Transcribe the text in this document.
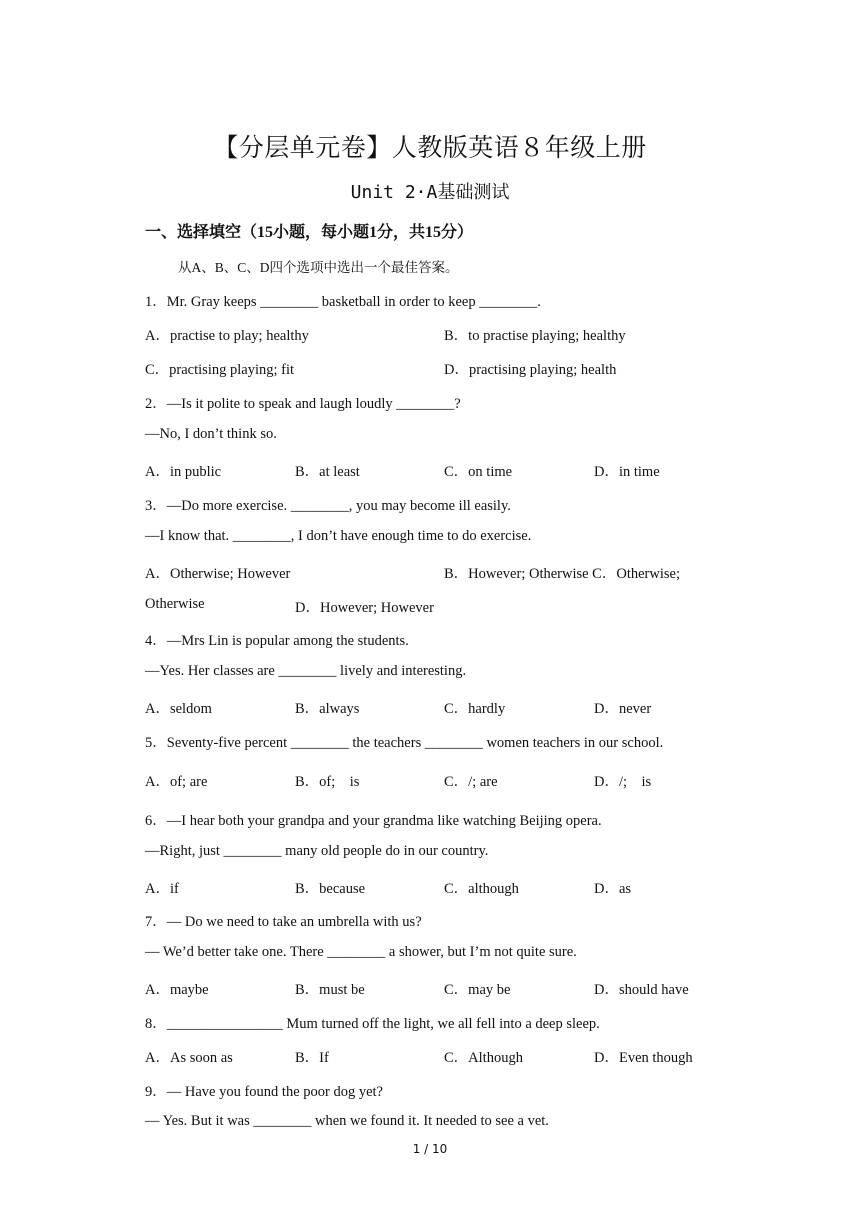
【分层单元卷】人教版英语８年级上册
Unit 2·A基础测试
一、选择填空（15小题，每小题1分，共15分）
从A、B、C、D四个选项中选出一个最佳答案。
1．Mr. Gray keeps ________ basketball in order to keep ________.
A．practise to play; healthy	B．to practise playing; healthy
C．practising playing; fit	D．practising playing; health
2．—Is it polite to speak and laugh loudly ________?
—No, I don’t think so.
A．in public	B．at least	C．on time	D．in time
3．—Do more exercise. ________, you may become ill easily.
—I know that. ________, I don’t have enough time to do exercise.
A．Otherwise; However	B．However; Otherwise C．Otherwise;
Otherwise	D．However; However
4．—Mrs Lin is popular among the students.
—Yes. Her classes are ________ lively and interesting.
A．seldom	B．always	C．hardly	D．never
5．Seventy-five percent ________ the teachers ________ women teachers in our school.
A．of; are	B．of;　is	C．/; are	D．/;　is
6．—I hear both your grandpa and your grandma like watching Beijing opera.
—Right, just ________ many old people do in our country.
A．if	B．because	C．although	D．as
7．— Do we need to take an umbrella with us?
— We’d better take one. There ________ a shower, but I’m not quite sure.
A．maybe	B．must be	C．may be	D．should have
8．________________ Mum turned off the light, we all fell into a deep sleep.
A．As soon as	B．If	C．Although	D．Even though
9．— Have you found the poor dog yet?
— Yes. But it was ________ when we found it. It needed to see a vet.
1 / 10
